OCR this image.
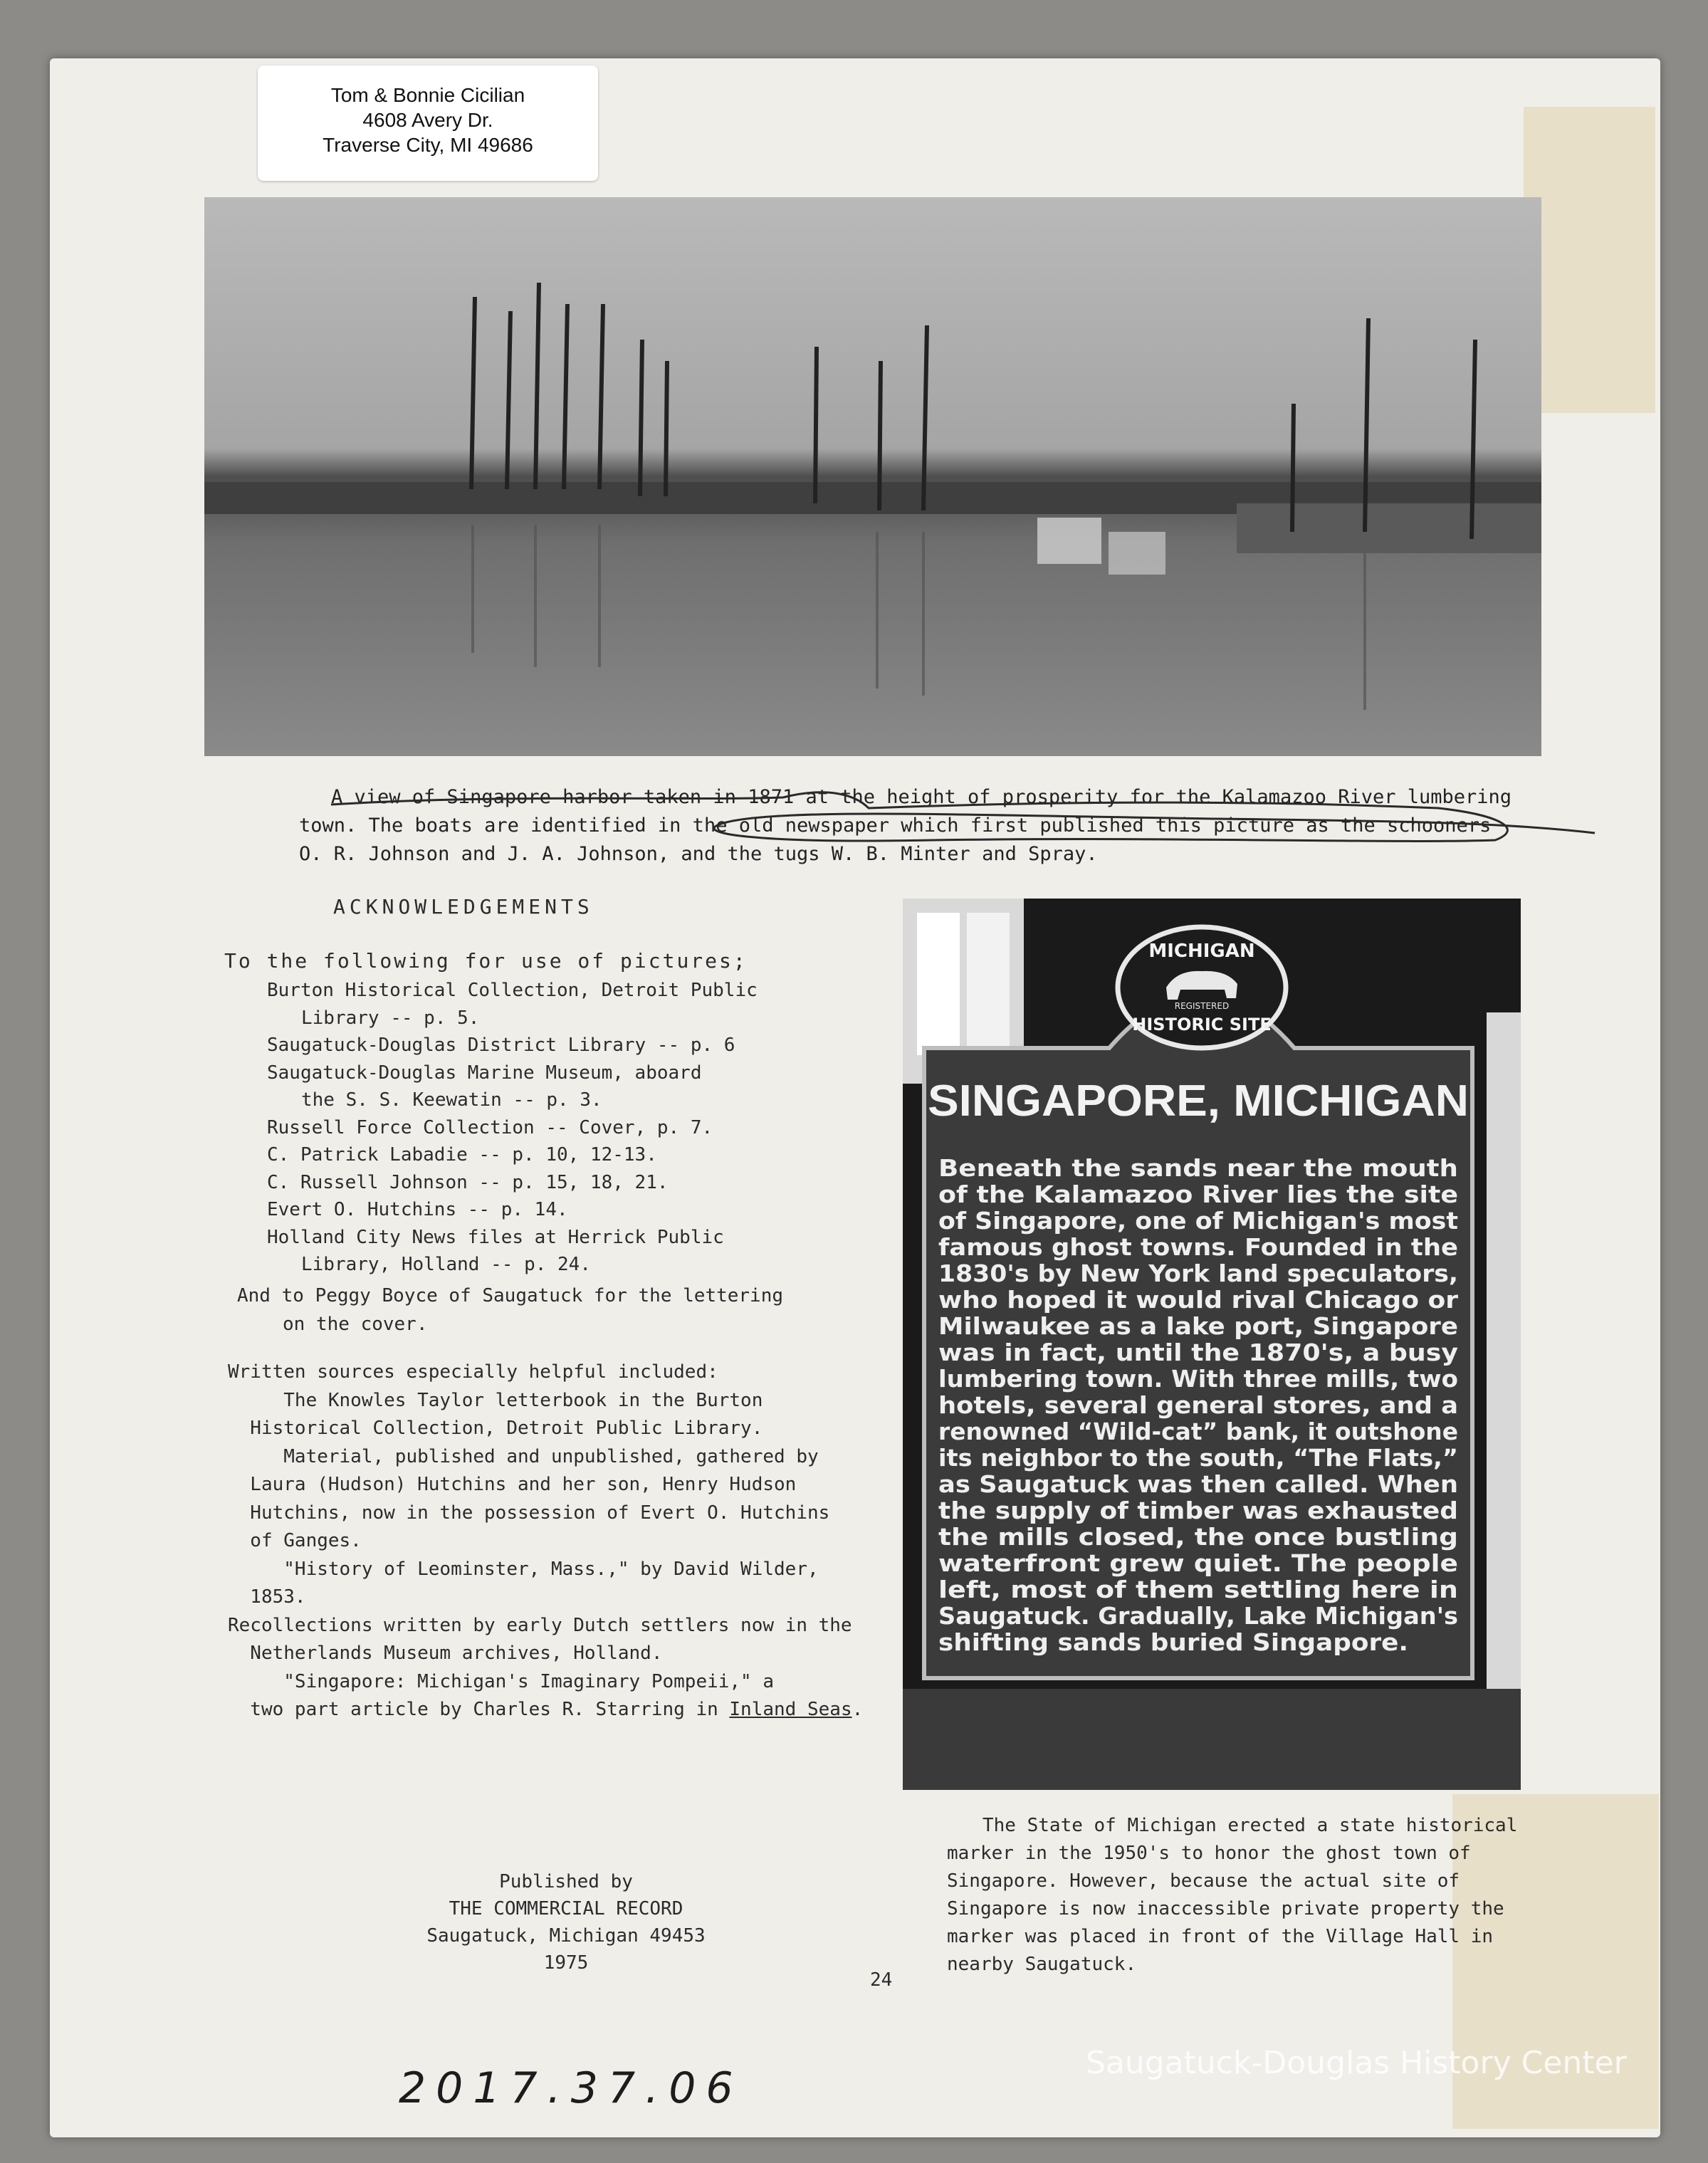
Tom & Bonnie Cicilian
4608 Avery Dr.
Traverse City, MI 49686
A view of Singapore harbor taken in 1871 at the height of prosperity for the Kalamazoo River lumbering
town. The boats are identified in the old newspaper which first published this picture as the schooners
O. R. Johnson and J. A. Johnson, and the tugs W. B. Minter and Spray.
ACKNOWLEDGEMENTS
To the following for use of pictures;
Burton Historical Collection, Detroit Public
Library -- p. 5.
Saugatuck-Douglas District Library -- p. 6
Saugatuck-Douglas Marine Museum, aboard
the S. S. Keewatin -- p. 3.
Russell Force Collection -- Cover, p. 7.
C. Patrick Labadie -- p. 10, 12-13.
C. Russell Johnson -- p. 15, 18, 21.
Evert O. Hutchins -- p. 14.
Holland City News files at Herrick Public
Library, Holland -- p. 24.
And to Peggy Boyce of Saugatuck for the lettering
on the cover.
Written sources especially helpful included:
The Knowles Taylor letterbook in the Burton
Historical Collection, Detroit Public Library.
Material, published and unpublished, gathered by
Laura (Hudson) Hutchins and her son, Henry Hudson
Hutchins, now in the possession of Evert O. Hutchins
of Ganges.
"History of Leominster, Mass.," by David Wilder,
1853.
Recollections written by early Dutch settlers now in the
Netherlands Museum archives, Holland.
"Singapore: Michigan's Imaginary Pompeii," a
two part article by Charles R. Starring in Inland Seas.
MICHIGAN
REGISTERED
HISTORIC SITE
SINGAPORE, MICHIGAN
Beneath the sands near the mouth
of the Kalamazoo River lies the site
of Singapore, one of Michigan's most
famous ghost towns. Founded in the
1830's by New York land speculators,
who hoped it would rival Chicago or
Milwaukee as a lake port, Singapore
was in fact, until the 1870's, a busy
lumbering town. With three mills, two
hotels, several general stores, and a
renowned “Wild-cat” bank, it outshone
its neighbor to the south, “The Flats,”
as Saugatuck was then called. When
the supply of timber was exhausted
the mills closed, the once bustling
waterfront grew quiet. The people
left, most of them settling here in
Saugatuck. Gradually, Lake Michigan's
shifting sands buried Singapore.
The State of Michigan erected a state historical
marker in the 1950's to honor the ghost town of
Singapore. However, because the actual site of
Singapore is now inaccessible private property the
marker was placed in front of the Village Hall in
nearby Saugatuck.
Published by
THE COMMERCIAL RECORD
Saugatuck, Michigan 49453
1975
24
2017.37.06
Saugatuck-Douglas History Center
